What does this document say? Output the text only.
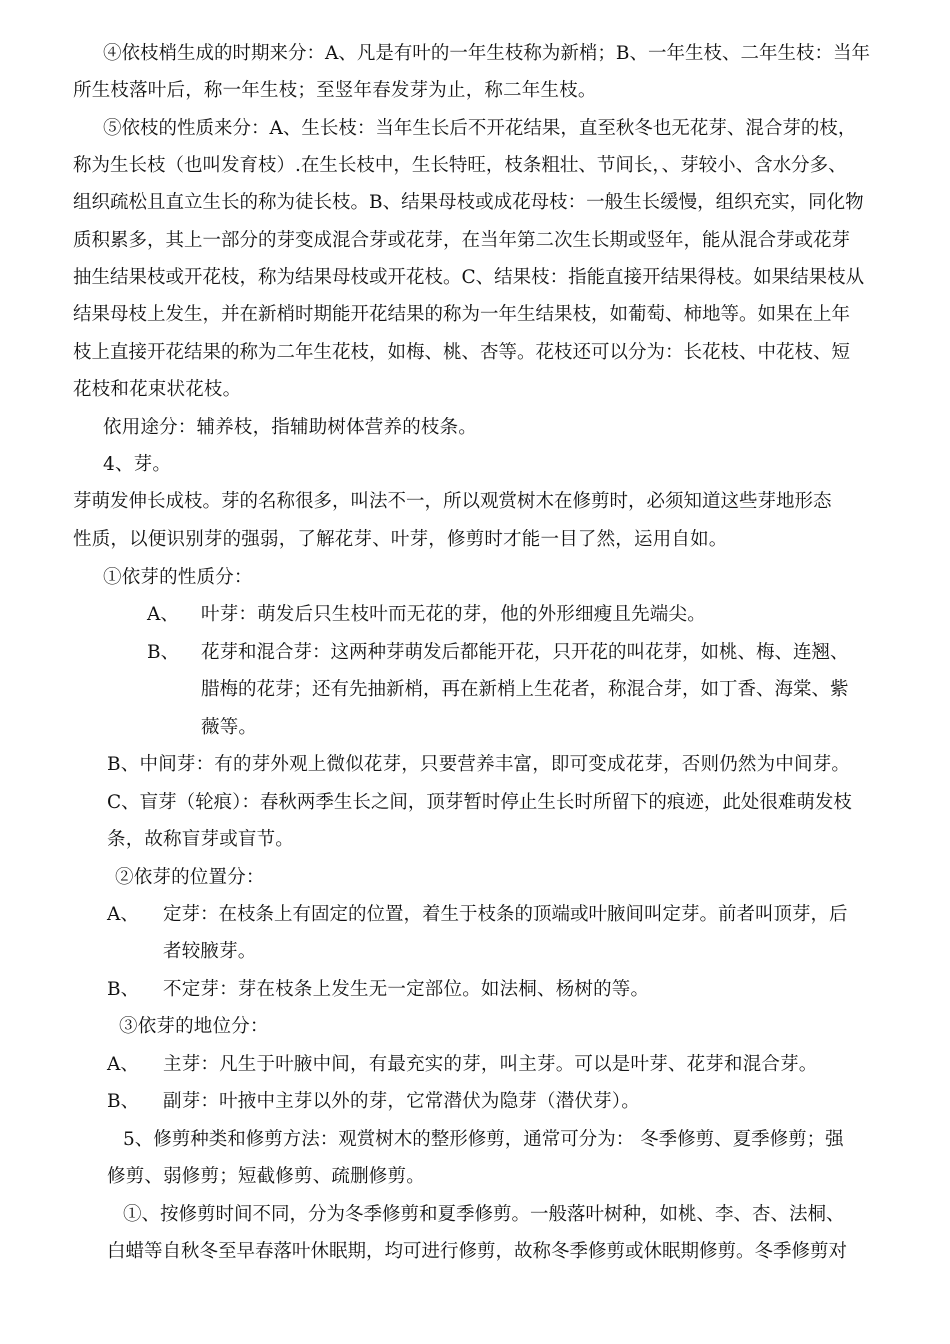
④依枝梢生成的时期来分：A、凡是有叶的一年生枝称为新梢；B、一年生枝、二年生枝：当年
所生枝落叶后，称一年生枝；至竖年春发芽为止，称二年生枝。
⑤依枝的性质来分：A、生长枝：当年生长后不开花结果，直至秋冬也无花芽、混合芽的枝，
称为生长枝（也叫发育枝）.在生长枝中，生长特旺，枝条粗壮、节间长，、芽较小、含水分多、
组织疏松且直立生长的称为徒长枝。B、结果母枝或成花母枝：一般生长缓慢，组织充实，同化物
质积累多，其上一部分的芽变成混合芽或花芽，在当年第二次生长期或竖年，能从混合芽或花芽
抽生结果枝或开花枝，称为结果母枝或开花枝。C、结果枝：指能直接开结果得枝。如果结果枝从
结果母枝上发生，并在新梢时期能开花结果的称为一年生结果枝，如葡萄、柿地等。如果在上年
枝上直接开花结果的称为二年生花枝，如梅、桃、杏等。花枝还可以分为：长花枝、中花枝、短
花枝和花束状花枝。
依用途分：辅养枝，指辅助树体营养的枝条。
4、芽。
芽萌发伸长成枝。芽的名称很多，叫法不一，所以观赏树木在修剪时，必须知道这些芽地形态
性质，以便识别芽的强弱，了解花芽、叶芽，修剪时才能一目了然，运用自如。
①依芽的性质分：
A、 叶芽：萌发后只生枝叶而无花的芽，他的外形细瘦且先端尖。
B、 花芽和混合芽：这两种芽萌发后都能开花，只开花的叫花芽，如桃、梅、连翘、
腊梅的花芽；还有先抽新梢，再在新梢上生花者，称混合芽，如丁香、海棠、紫
薇等。
B、中间芽：有的芽外观上微似花芽，只要营养丰富，即可变成花芽，否则仍然为中间芽。
C、盲芽（轮痕）：春秋两季生长之间，顶芽暂时停止生长时所留下的痕迹，此处很难萌发枝
条，故称盲芽或盲节。
②依芽的位置分：
A、 定芽：在枝条上有固定的位置，着生于枝条的顶端或叶腋间叫定芽。前者叫顶芽，后
者较腋芽。
B、 不定芽：芽在枝条上发生无一定部位。如法桐、杨树的等。
③依芽的地位分：
A、 主芽：凡生于叶腋中间，有最充实的芽，叫主芽。可以是叶芽、花芽和混合芽。
B、 副芽：叶掖中主芽以外的芽，它常潜伏为隐芽（潜伏芽）。
5、修剪种类和修剪方法：观赏树木的整形修剪，通常可分为： 冬季修剪、夏季修剪；强
修剪、弱修剪；短截修剪、疏删修剪。
①、按修剪时间不同，分为冬季修剪和夏季修剪。一般落叶树种，如桃、李、杏、法桐、
白蜡等自秋冬至早春落叶休眠期，均可进行修剪，故称冬季修剪或休眠期修剪。冬季修剪对
